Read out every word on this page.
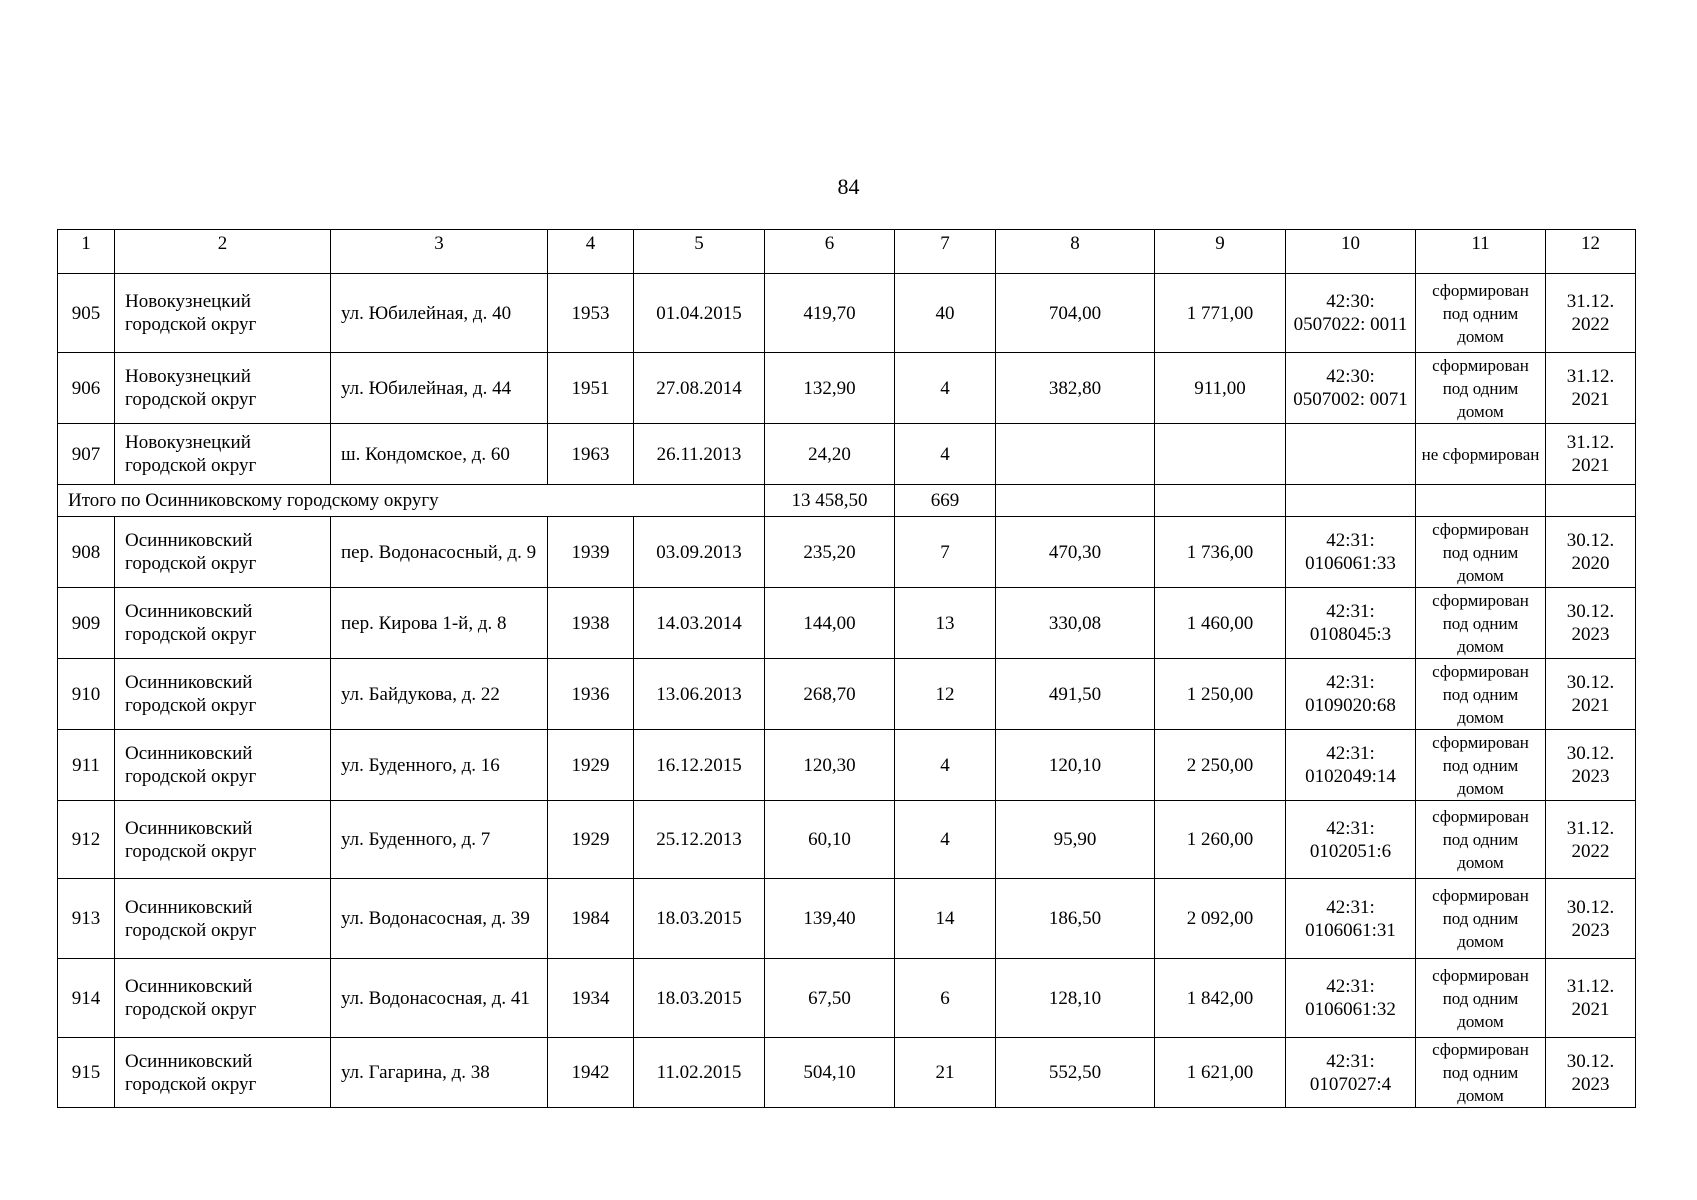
84
1	2	3	4	5	6	7	8	9	10	11	12
905	Новокузнецкий городской округ	ул. Юбилейная, д. 40	1953	01.04.2015	419,70	40	704,00	1 771,00	42:30: 0507022: 0011	сформирован под одним домом	31.12. 2022
906	Новокузнецкий городской округ	ул. Юбилейная, д. 44	1951	27.08.2014	132,90	4	382,80	911,00	42:30: 0507002: 0071	сформирован под одним домом	31.12. 2021
907	Новокузнецкий городской округ	ш. Кондомское, д. 60	1963	26.11.2013	24,20	4				не сформирован	31.12. 2021
Итого по Осинниковскому городскому округу					13 458,50	669					
908	Осинниковский городской округ	пер. Водонасосный, д. 9	1939	03.09.2013	235,20	7	470,30	1 736,00	42:31: 0106061:33	сформирован под одним домом	30.12. 2020
909	Осинниковский городской округ	пер. Кирова 1-й, д. 8	1938	14.03.2014	144,00	13	330,08	1 460,00	42:31: 0108045:3	сформирован под одним домом	30.12. 2023
910	Осинниковский городской округ	ул. Байдукова, д. 22	1936	13.06.2013	268,70	12	491,50	1 250,00	42:31: 0109020:68	сформирован под одним домом	30.12. 2021
911	Осинниковский городской округ	ул. Буденного, д. 16	1929	16.12.2015	120,30	4	120,10	2 250,00	42:31: 0102049:14	сформирован под одним домом	30.12. 2023
912	Осинниковский городской округ	ул. Буденного, д. 7	1929	25.12.2013	60,10	4	95,90	1 260,00	42:31: 0102051:6	сформирован под одним домом	31.12. 2022
913	Осинниковский городской округ	ул. Водонасосная, д. 39	1984	18.03.2015	139,40	14	186,50	2 092,00	42:31: 0106061:31	сформирован под одним домом	30.12. 2023
914	Осинниковский городской округ	ул. Водонасосная, д. 41	1934	18.03.2015	67,50	6	128,10	1 842,00	42:31: 0106061:32	сформирован под одним домом	31.12. 2021
915	Осинниковский городской округ	ул. Гагарина, д. 38	1942	11.02.2015	504,10	21	552,50	1 621,00	42:31: 0107027:4	сформирован под одним домом	30.12. 2023
